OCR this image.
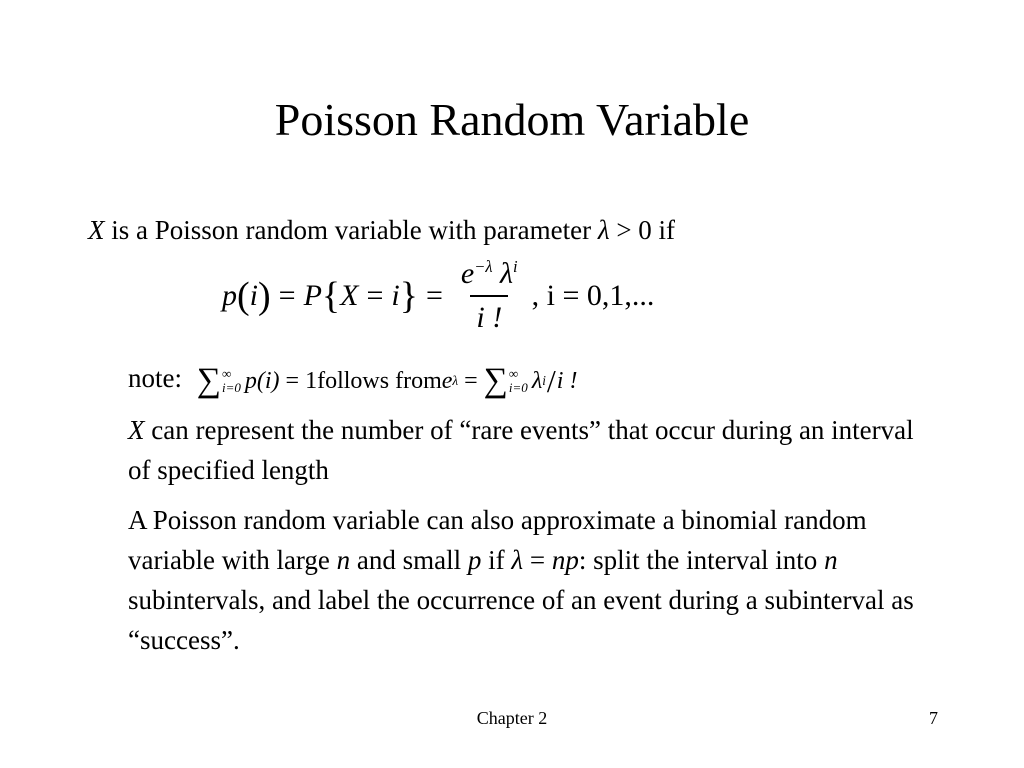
Poisson Random Variable

X is a Poisson random variable with parameter λ > 0 if

p ( i ) = P { X = i } = $\frac{e^{-\lambda} \lambda^i}{i !}$ , i = 0,1,...
note: ∑ ∞
i=0 p (i)
= 1 follows from e λ
=
∑ ∞
i=0 λ i / i !

X can represent the number of “rare events” that occur during an interval of specified length

A Poisson random variable can also approximate a binomial random variable with large n and small p if λ = np: split the interval into n subintervals, and label the occurrence of an event during a subinterval as “success”.

Chapter 2	7
